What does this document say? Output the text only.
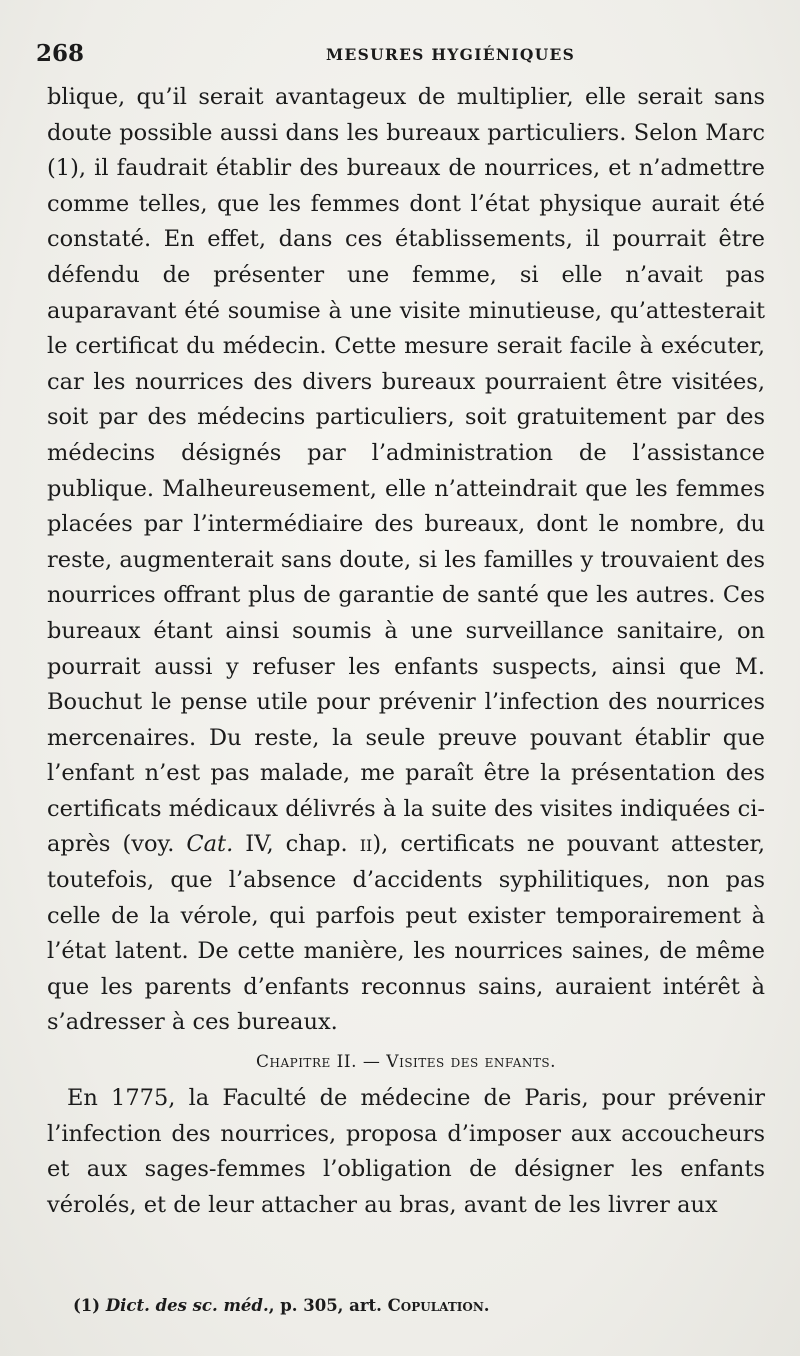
268	MESURES HYGIÉNIQUES

blique, qu’il serait avantageux de multiplier, elle serait sans doute possible aussi dans les bureaux particuliers. Selon Marc (1), il faudrait établir des bureaux de nourrices, et n’admettre comme telles, que les femmes dont l’état physique aurait été constaté. En effet, dans ces établissements, il pourrait être défendu de présenter une femme, si elle n’avait pas auparavant été soumise à une visite minutieuse, qu’attesterait le certificat du médecin. Cette mesure serait facile à exécuter, car les nourrices des divers bureaux pourraient être visitées, soit par des médecins particuliers, soit gratuitement par des médecins désignés par l’administration de l’assistance publique. Malheureusement, elle n’atteindrait que les femmes placées par l’intermédiaire des bureaux, dont le nombre, du reste, augmenterait sans doute, si les familles y trouvaient des nourrices offrant plus de garantie de santé que les autres. Ces bureaux étant ainsi soumis à une surveillance sanitaire, on pourrait aussi y refuser les enfants suspects, ainsi que M. Bouchut le pense utile pour prévenir l’infection des nourrices mercenaires. Du reste, la seule preuve pouvant établir que l’enfant n’est pas malade, me paraît être la présentation des certificats médicaux délivrés à la suite des visites indiquées ci-après (voy. Cat. IV, chap. ii), certificats ne pouvant attester, toutefois, que l’absence d’accidents syphilitiques, non pas celle de la vérole, qui parfois peut exister temporairement à l’état latent. De cette manière, les nourrices saines, de même que les parents d’enfants reconnus sains, auraient intérêt à s’adresser à ces bureaux.

Chapitre II. — Visites des enfants.

En 1775, la Faculté de médecine de Paris, pour prévenir l’infection des nourrices, proposa d’imposer aux accoucheurs et aux sages-femmes l’obligation de désigner les enfants vérolés, et de leur attacher au bras, avant de les livrer aux

(1) Dict. des sc. méd., p. 305, art. Copulation.
